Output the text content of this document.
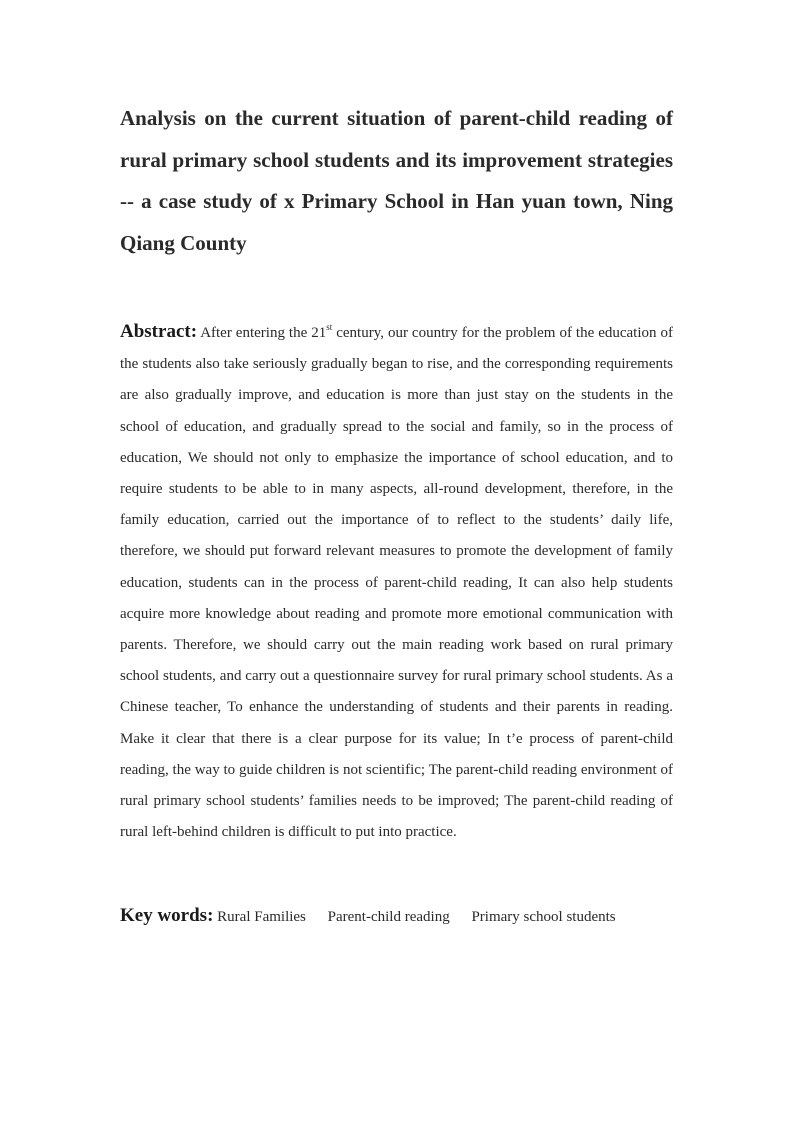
Analysis on the current situation of parent-child reading of rural primary school students and its improvement strategies -- a case study of x Primary School in Han yuan town, Ning Qiang County

Abstract: After entering the 21st century, our country for the problem of the education of the students also take seriously gradually began to rise, and the corresponding requirements are also gradually improve, and education is more than just stay on the students in the school of education, and gradually spread to the social and family, so in the process of education, We should not only to emphasize the importance of school education, and to require students to be able to in many aspects, all-round development, therefore, in the family education, carried out the importance of to reflect to the students’ daily life, therefore, we should put forward relevant measures to promote the development of family education, students can in the process of parent-child reading, It can also help students acquire more knowledge about reading and promote more emotional communication with parents. Therefore, we should carry out the main reading work based on rural primary school students, and carry out a questionnaire survey for rural primary school students. As a Chinese teacher, To enhance the understanding of students and their parents in reading. Make it clear that there is a clear purpose for its value; In t’e process of parent-child reading, the way to guide children is not scientific; The parent-child reading environment of rural primary school students’ families needs to be improved; The parent-child reading of rural left-behind children is difficult to put into practice.
Key words: Rural Families Parent-child reading Primary school students
